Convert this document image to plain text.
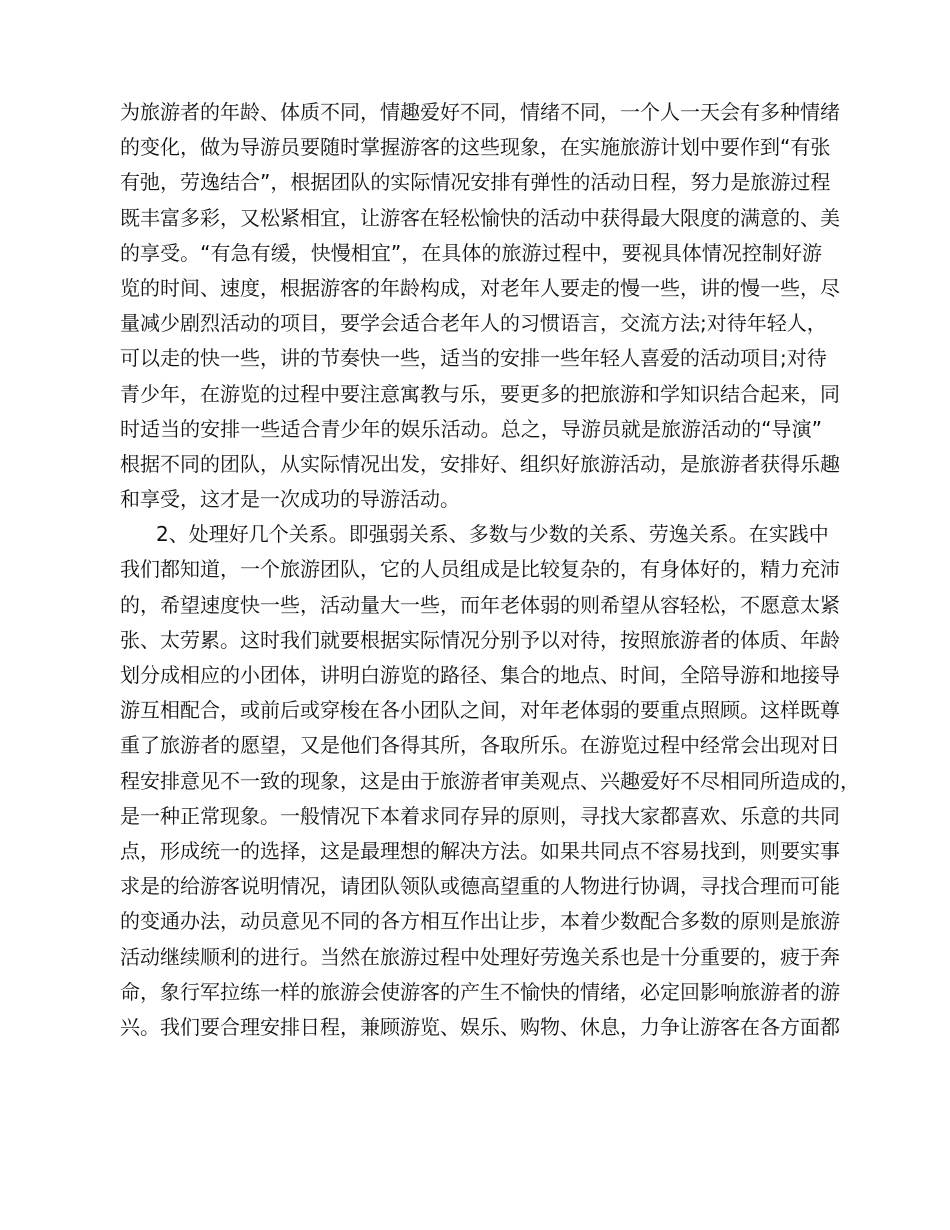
为旅游者的年龄、体质不同，情趣爱好不同，情绪不同，一个人一天会有多种情绪
的变化，做为导游员要随时掌握游客的这些现象，在实施旅游计划中要作到“有张
有弛，劳逸结合”，根据团队的实际情况安排有弹性的活动日程，努力是旅游过程
既丰富多彩，又松紧相宜，让游客在轻松愉快的活动中获得最大限度的满意的、美
的享受。“有急有缓，快慢相宜”，在具体的旅游过程中，要视具体情况控制好游
览的时间、速度，根据游客的年龄构成，对老年人要走的慢一些，讲的慢一些，尽
量减少剧烈活动的项目，要学会适合老年人的习惯语言，交流方法;对待年轻人，
可以走的快一些，讲的节奏快一些，适当的安排一些年轻人喜爱的活动项目;对待
青少年，在游览的过程中要注意寓教与乐，要更多的把旅游和学知识结合起来，同
时适当的安排一些适合青少年的娱乐活动。总之，导游员就是旅游活动的“导演”
根据不同的团队，从实际情况出发，安排好、组织好旅游活动，是旅游者获得乐趣
和享受，这才是一次成功的导游活动。
2、处理好几个关系。即强弱关系、多数与少数的关系、劳逸关系。在实践中
我们都知道，一个旅游团队，它的人员组成是比较复杂的，有身体好的，精力充沛
的，希望速度快一些，活动量大一些，而年老体弱的则希望从容轻松，不愿意太紧
张、太劳累。这时我们就要根据实际情况分别予以对待，按照旅游者的体质、年龄
划分成相应的小团体，讲明白游览的路径、集合的地点、时间，全陪导游和地接导
游互相配合，或前后或穿梭在各小团队之间，对年老体弱的要重点照顾。这样既尊
重了旅游者的愿望，又是他们各得其所，各取所乐。在游览过程中经常会出现对日
程安排意见不一致的现象，这是由于旅游者审美观点、兴趣爱好不尽相同所造成的，
是一种正常现象。一般情况下本着求同存异的原则，寻找大家都喜欢、乐意的共同
点，形成统一的选择，这是最理想的解决方法。如果共同点不容易找到，则要实事
求是的给游客说明情况，请团队领队或德高望重的人物进行协调，寻找合理而可能
的变通办法，动员意见不同的各方相互作出让步，本着少数配合多数的原则是旅游
活动继续顺利的进行。当然在旅游过程中处理好劳逸关系也是十分重要的，疲于奔
命，象行军拉练一样的旅游会使游客的产生不愉快的情绪，必定回影响旅游者的游
兴。我们要合理安排日程，兼顾游览、娱乐、购物、休息，力争让游客在各方面都
